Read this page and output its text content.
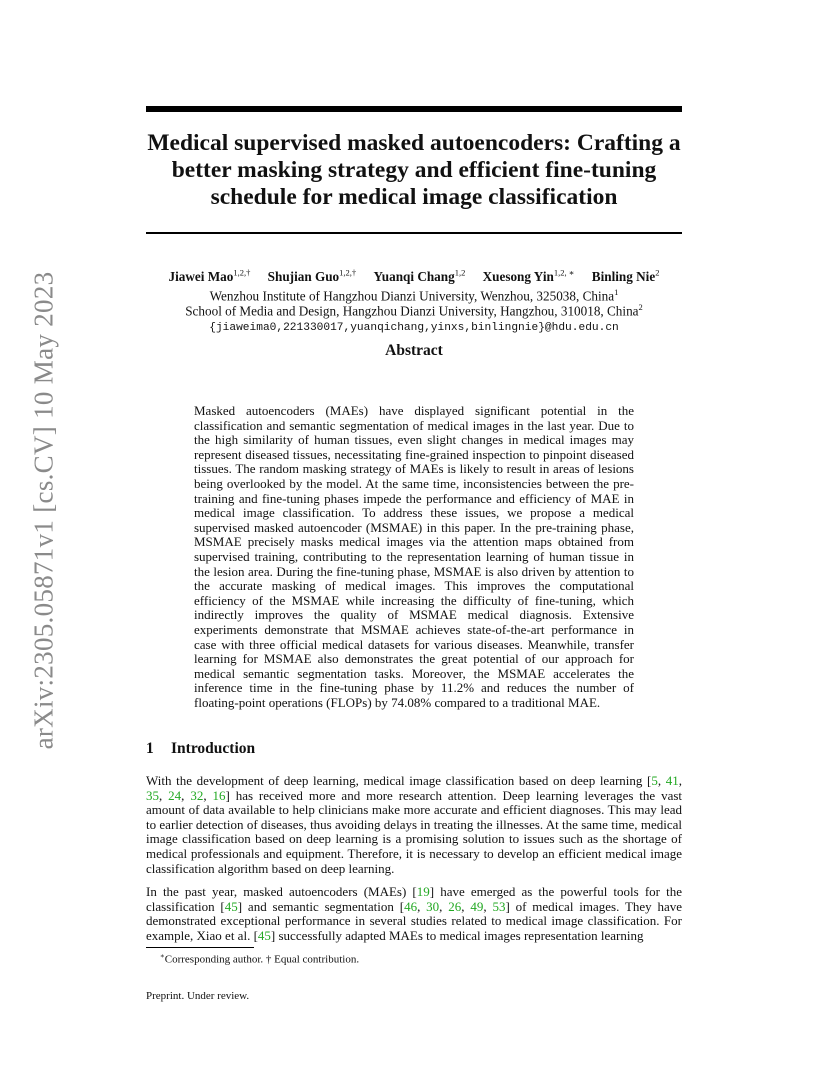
arXiv:2305.05871v1 [cs.CV] 10 May 2023
Medical supervised masked autoencoders: Crafting a
better masking strategy and efficient fine-tuning
schedule for medical image classification
Jiawei Mao$^{1,2,\dagger}$ Shujian Guo$^{1,2,\dagger}$ Yuanqi Chang$^{1,2}$ Xuesong Yin$^{1,2, ∗}$ Binling Nie$^2$
Wenzhou Institute of Hangzhou Dianzi University, Wenzhou, 325038, China$^1$
School of Media and Design, Hangzhou Dianzi University, Hangzhou, 310018, China$^2$
{jiaweima0,221330017,yuanqichang,yinxs,binlingnie}@hdu.edu.cn
Abstract

Masked autoencoders (MAEs) have displayed significant potential in the classification and semantic segmentation of medical images in the last year. Due to the high similarity of human tissues, even slight changes in medical images may represent diseased tissues, necessitating fine-grained inspection to pinpoint diseased tissues. The random masking strategy of MAEs is likely to result in areas of lesions being overlooked by the model. At the same time, inconsistencies between the pre-training and fine-tuning phases impede the performance and efficiency of MAE in medical image classification. To address these issues, we propose a medical supervised masked autoencoder (MSMAE) in this paper. In the pre-training phase, MSMAE precisely masks medical images via the attention maps obtained from supervised training, contributing to the representation learning of human tissue in the lesion area. During the fine-tuning phase, MSMAE is also driven by attention to the accurate masking of medical images. This improves the computational efficiency of the MSMAE while increasing the difficulty of fine-tuning, which indirectly improves the quality of MSMAE medical diagnosis. Extensive experiments demonstrate that MSMAE achieves state-of-the-art performance in case with three official medical datasets for various diseases. Meanwhile, transfer learning for MSMAE also demonstrates the great potential of our approach for medical semantic segmentation tasks. Moreover, the MSMAE accelerates the inference time in the fine-tuning phase by 11.2% and reduces the number of floating-point operations (FLOPs) by 74.08% compared to a traditional MAE.

1 Introduction

With the development of deep learning, medical image classification based on deep learning [5, 41, 35, 24, 32, 16] has received more and more research attention. Deep learning leverages the vast amount of data available to help clinicians make more accurate and efficient diagnoses. This may lead to earlier detection of diseases, thus avoiding delays in treating the illnesses. At the same time, medical image classification based on deep learning is a promising solution to issues such as the shortage of medical professionals and equipment. Therefore, it is necessary to develop an efficient medical image classification algorithm based on deep learning.

In the past year, masked autoencoders (MAEs) [19] have emerged as the powerful tools for the classification [45] and semantic segmentation [46, 30, 26, 49, 53] of medical images. They have demonstrated exceptional performance in several studies related to medical image classification. For example, Xiao et al. [45] successfully adapted MAEs to medical images representation learning

∗Corresponding author. † Equal contribution.
Preprint. Under review.
